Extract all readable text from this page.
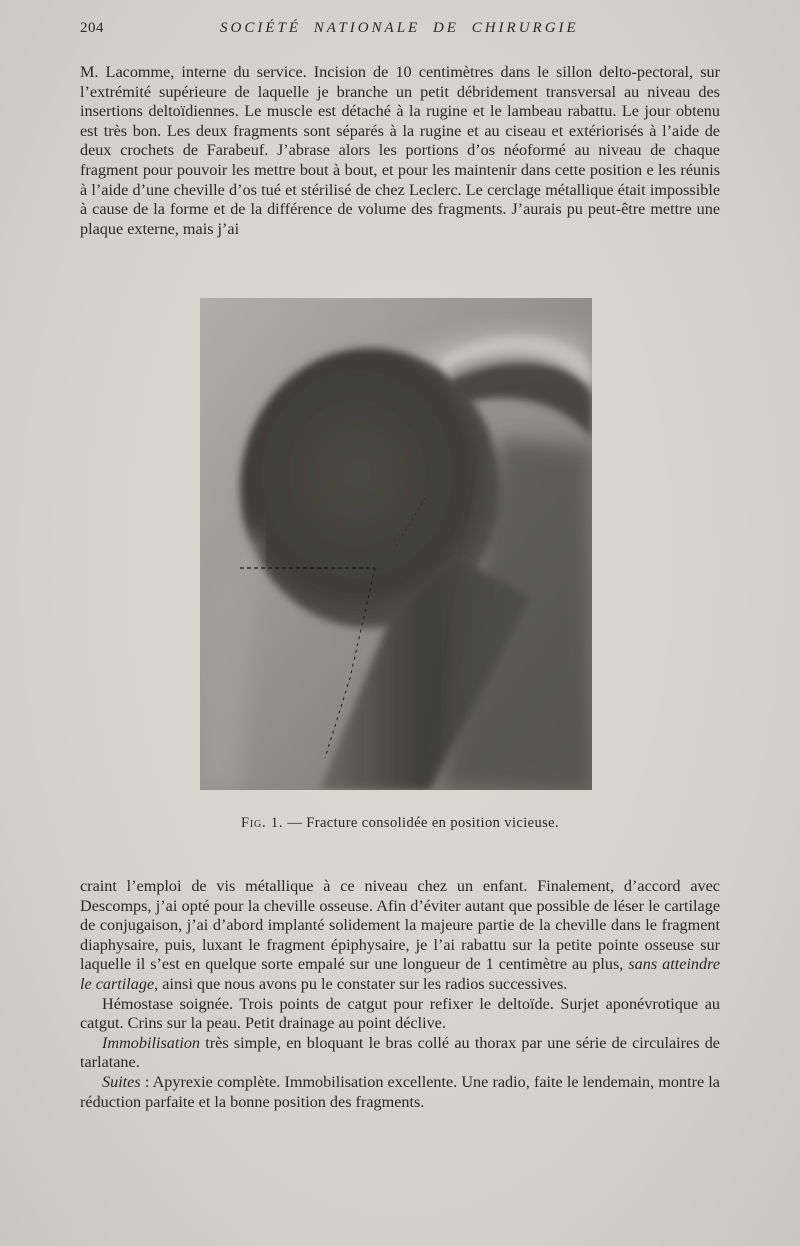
204	SOCIÉTÉ NATIONALE DE CHIRURGIE

M. Lacomme, interne du service. Incision de 10 centimètres dans le sillon delto-pectoral, sur l’extrémité supérieure de laquelle je branche un petit débridement transversal au niveau des insertions deltoïdiennes. Le muscle est détaché à la rugine et le lambeau rabattu. Le jour obtenu est très bon. Les deux fragments sont séparés à la rugine et au ciseau et extériorisés à l’aide de deux crochets de Farabeuf. J’abrase alors les portions d’os néoformé au niveau de chaque fragment pour pouvoir les mettre bout à bout, et pour les maintenir dans cette position e les réunis à l’aide d’une cheville d’os tué et stérilisé de chez Leclerc. Le cerclage métallique était impossible à cause de la forme et de la différence de volume des fragments. J’aurais pu peut-être mettre une plaque externe, mais j’ai

Fig. 1. — Fracture consolidée en position vicieuse.

craint l’emploi de vis métallique à ce niveau chez un enfant. Finalement, d’accord avec Descomps, j’ai opté pour la cheville osseuse. Afin d’éviter autant que possible de léser le cartilage de conjugaison, j’ai d’abord implanté solidement la majeure partie de la cheville dans le fragment diaphysaire, puis, luxant le fragment épiphysaire, je l’ai rabattu sur la petite pointe osseuse sur laquelle il s’est en quelque sorte empalé sur une longueur de 1 centimètre au plus, sans atteindre le cartilage, ainsi que nous avons pu le constater sur les radios successives.

Hémostase soignée. Trois points de catgut pour refixer le deltoïde. Surjet aponévrotique au catgut. Crins sur la peau. Petit drainage au point déclive.

Immobilisation très simple, en bloquant le bras collé au thorax par une série de circulaires de tarlatane.

Suites : Apyrexie complète. Immobilisation excellente. Une radio, faite le lendemain, montre la réduction parfaite et la bonne position des fragments.
